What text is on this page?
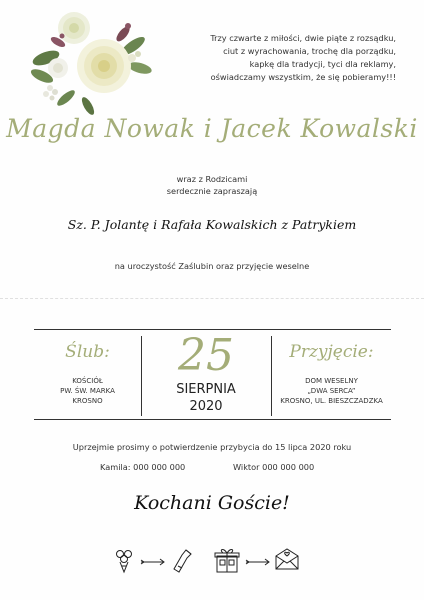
Trzy czwarte z miłości, dwie piąte z rozsądku,
ciut z wyrachowania, trochę dla porządku,
kapkę dla tradycji, tyci dla reklamy,
oświadczamy wszystkim, że się pobieramy!!!
Magda Nowak i Jacek Kowalski
wraz z Rodzicami
serdecznie zapraszają
Sz. P. Jolantę i Rafała Kowalskich z Patrykiem
na uroczystość Zaślubin oraz przyjęcie weselne
Ślub:
KOŚCIÓŁ
PW. ŚW. MARKA
KROSNO
25
SIERPNIA
2020
Przyjęcie:
DOM WESELNY
„DWA SERCA”
KROSNO, UL. BIESZCZADZKA
Uprzejmie prosimy o potwierdzenie przybycia do 15 lipca 2020 roku
Kamila: 000 000 000	Wiktor 000 000 000
Kochani Goście!
